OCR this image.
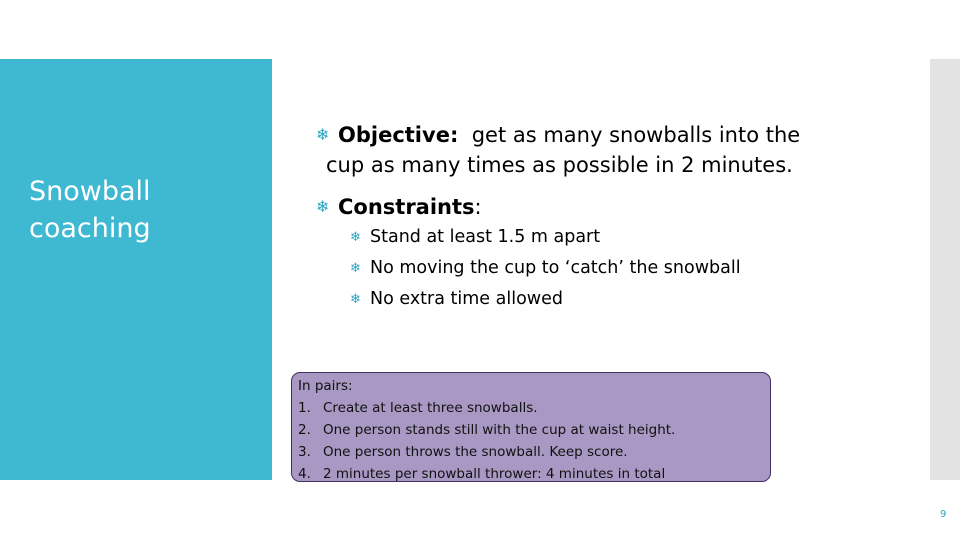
Snowball coaching
❄ Objective: get as many snowballs into the
cup as many times as possible in 2 minutes.
❄ Constraints:
❄ Stand at least 1.5 m apart
❄ No moving the cup to ‘catch’ the snowball
❄ No extra time allowed
In pairs:
1. Create at least three snowballs.
2. One person stands still with the cup at waist height.
3. One person throws the snowball. Keep score.
4. 2 minutes per snowball thrower: 4 minutes in total
9
